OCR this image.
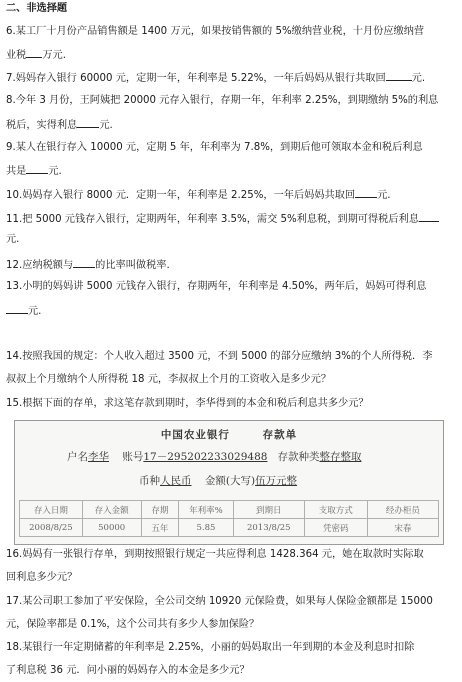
二、非选择题
6.某工厂十月份产品销售额是 1400 万元，如果按销售额的 5%缴纳营业税，十月份应缴纳营
业税 万元.
7.妈妈存入银行 60000 元，定期一年，年利率是 5.22%，一年后妈妈从银行共取回	元.
8.今年 3 月份，王阿姨把 20000 元存入银行，存期一年，年利率 2.25%，到期缴纳 5%的利息
税后，实得利息 元.
9.某人在银行存入 10000 元，定期 5 年，年利率为 7.8%，到期后他可领取本金和税后利息
共是 元.
10.妈妈存入银行 8000 元．定期一年，年利率是 2.25%，一年后妈妈共取回 元.
11.把 5000 元钱存入银行，定期两年，年利率 3.5%，需交 5%利息税，到期可得税后利息
元.
12.应纳税额与 的比率叫做税率.
13.小明的妈妈讲 5000 元钱存入银行，存期两年，年利率是 4.50%，两年后，妈妈可得利息
元.
14.按照我国的规定：个人收入超过 3500 元，不到 5000 的部分应缴纳 3%的个人所得税．李
叔叔上个月缴纳个人所得税 18 元，李叔叔上个月的工资收入是多少元？
15.根据下面的存单，求这笔存款到期时，李华得到的本金和税后利息共多少元？
中国农业银行	存款单
户名李华 账号17－295202233029488 存款种类整存整取
币种人民币 金额(大写)伍万元整
存入日期	存入金额	存期	年利率%	到期日	支取方式	经办柜员
2008/8/25	50000	五年	5.85	2013/8/25	凭密码	宋春
16.妈妈有一张银行存单，到期按照银行规定一共应得利息 1428.364 元，她在取款时实际取
回利息多少元？
17.某公司职工参加了平安保险，全公司交纳 10920 元保险费，如果每人保险金额都是 15000
元，保险率都是 0.1%，这个公司共有多少人参加保险？
18.某银行一年定期储蓄的年利率是 2.25%，小丽的妈妈取出一年到期的本金及利息时扣除
了利息税 36 元．问小丽的妈妈存入的本金是多少元？
